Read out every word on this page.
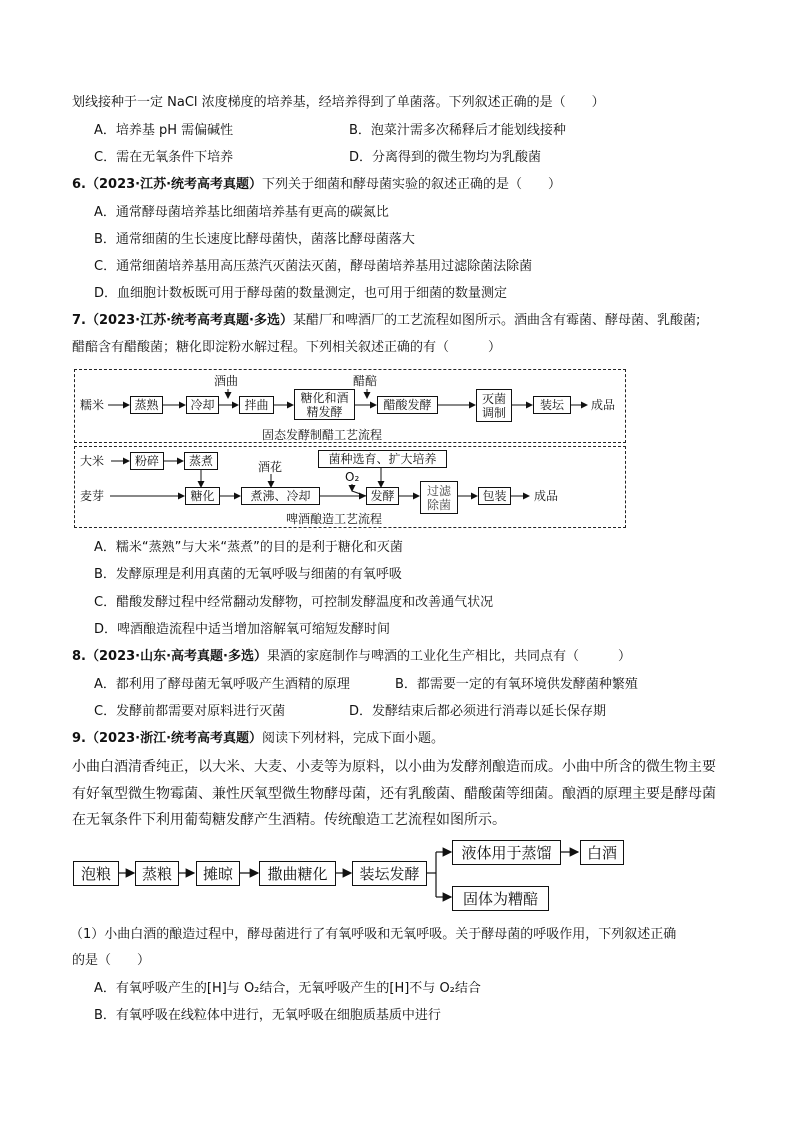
划线接种于一定 NaCl 浓度梯度的培养基，经培养得到了单菌落。下列叙述正确的是（　　）
A．培养基 pH 需偏碱性	B．泡菜汁需多次稀释后才能划线接种
C．需在无氧条件下培养	D．分离得到的微生物均为乳酸菌
6.（2023·江苏·统考高考真题）下列关于细菌和酵母菌实验的叙述正确的是（　　）
A．通常酵母菌培养基比细菌培养基有更高的碳氮比
B．通常细菌的生长速度比酵母菌快，菌落比酵母菌落大
C．通常细菌培养基用高压蒸汽灭菌法灭菌，酵母菌培养基用过滤除菌法除菌
D．血细胞计数板既可用于酵母菌的数量测定，也可用于细菌的数量测定
7.（2023·江苏·统考高考真题·多选）某醋厂和啤酒厂的工艺流程如图所示。酒曲含有霉菌、酵母菌、乳酸菌;
醋醅含有醋酸菌；糖化即淀粉水解过程。下列相关叙述正确的有（　　　）
糯米	蒸熟	冷却	拌曲
糖化和酒精发酵	醋酸发酵	灭菌调制
装坛	成品
酒曲	醋醅
固态发酵制醋工艺流程
大米	粉碎	蒸煮
麦芽	糖化	煮沸、冷却
酒花
菌种选育、扩大培养
O₂
发酵	过滤除菌
包装	成品
啤酒酿造工艺流程
A．糯米“蒸熟”与大米“蒸煮”的目的是利于糖化和灭菌
B．发酵原理是利用真菌的无氧呼吸与细菌的有氧呼吸
C．醋酸发酵过程中经常翻动发酵物，可控制发酵温度和改善通气状况
D．啤酒酿造流程中适当增加溶解氧可缩短发酵时间
8.（2023·山东·高考真题·多选）果酒的家庭制作与啤酒的工业化生产相比，共同点有（　　　）
A．都利用了酵母菌无氧呼吸产生酒精的原理	B．都需要一定的有氧环境供发酵菌种繁殖
C．发酵前都需要对原料进行灭菌	D．发酵结束后都必须进行消毒以延长保存期
9.（2023·浙江·统考高考真题）阅读下列材料，完成下面小题。
小曲白酒清香纯正，以大米、大麦、小麦等为原料，以小曲为发酵剂酿造而成。小曲中所含的微生物主要
有好氧型微生物霉菌、兼性厌氧型微生物酵母菌，还有乳酸菌、醋酸菌等细菌。酿酒的原理主要是酵母菌
在无氧条件下利用葡萄糖发酵产生酒精。传统酿造工艺流程如图所示。
泡粮	蒸粮	摊晾	撒曲糖化	装坛发酵
液体用于蒸馏	白酒
固体为糟醅
（1）小曲白酒的酿造过程中，酵母菌进行了有氧呼吸和无氧呼吸。关于酵母菌的呼吸作用，下列叙述正确
的是（　　）
A．有氧呼吸产生的[H]与 O₂结合，无氧呼吸产生的[H]不与 O₂结合
B．有氧呼吸在线粒体中进行，无氧呼吸在细胞质基质中进行
